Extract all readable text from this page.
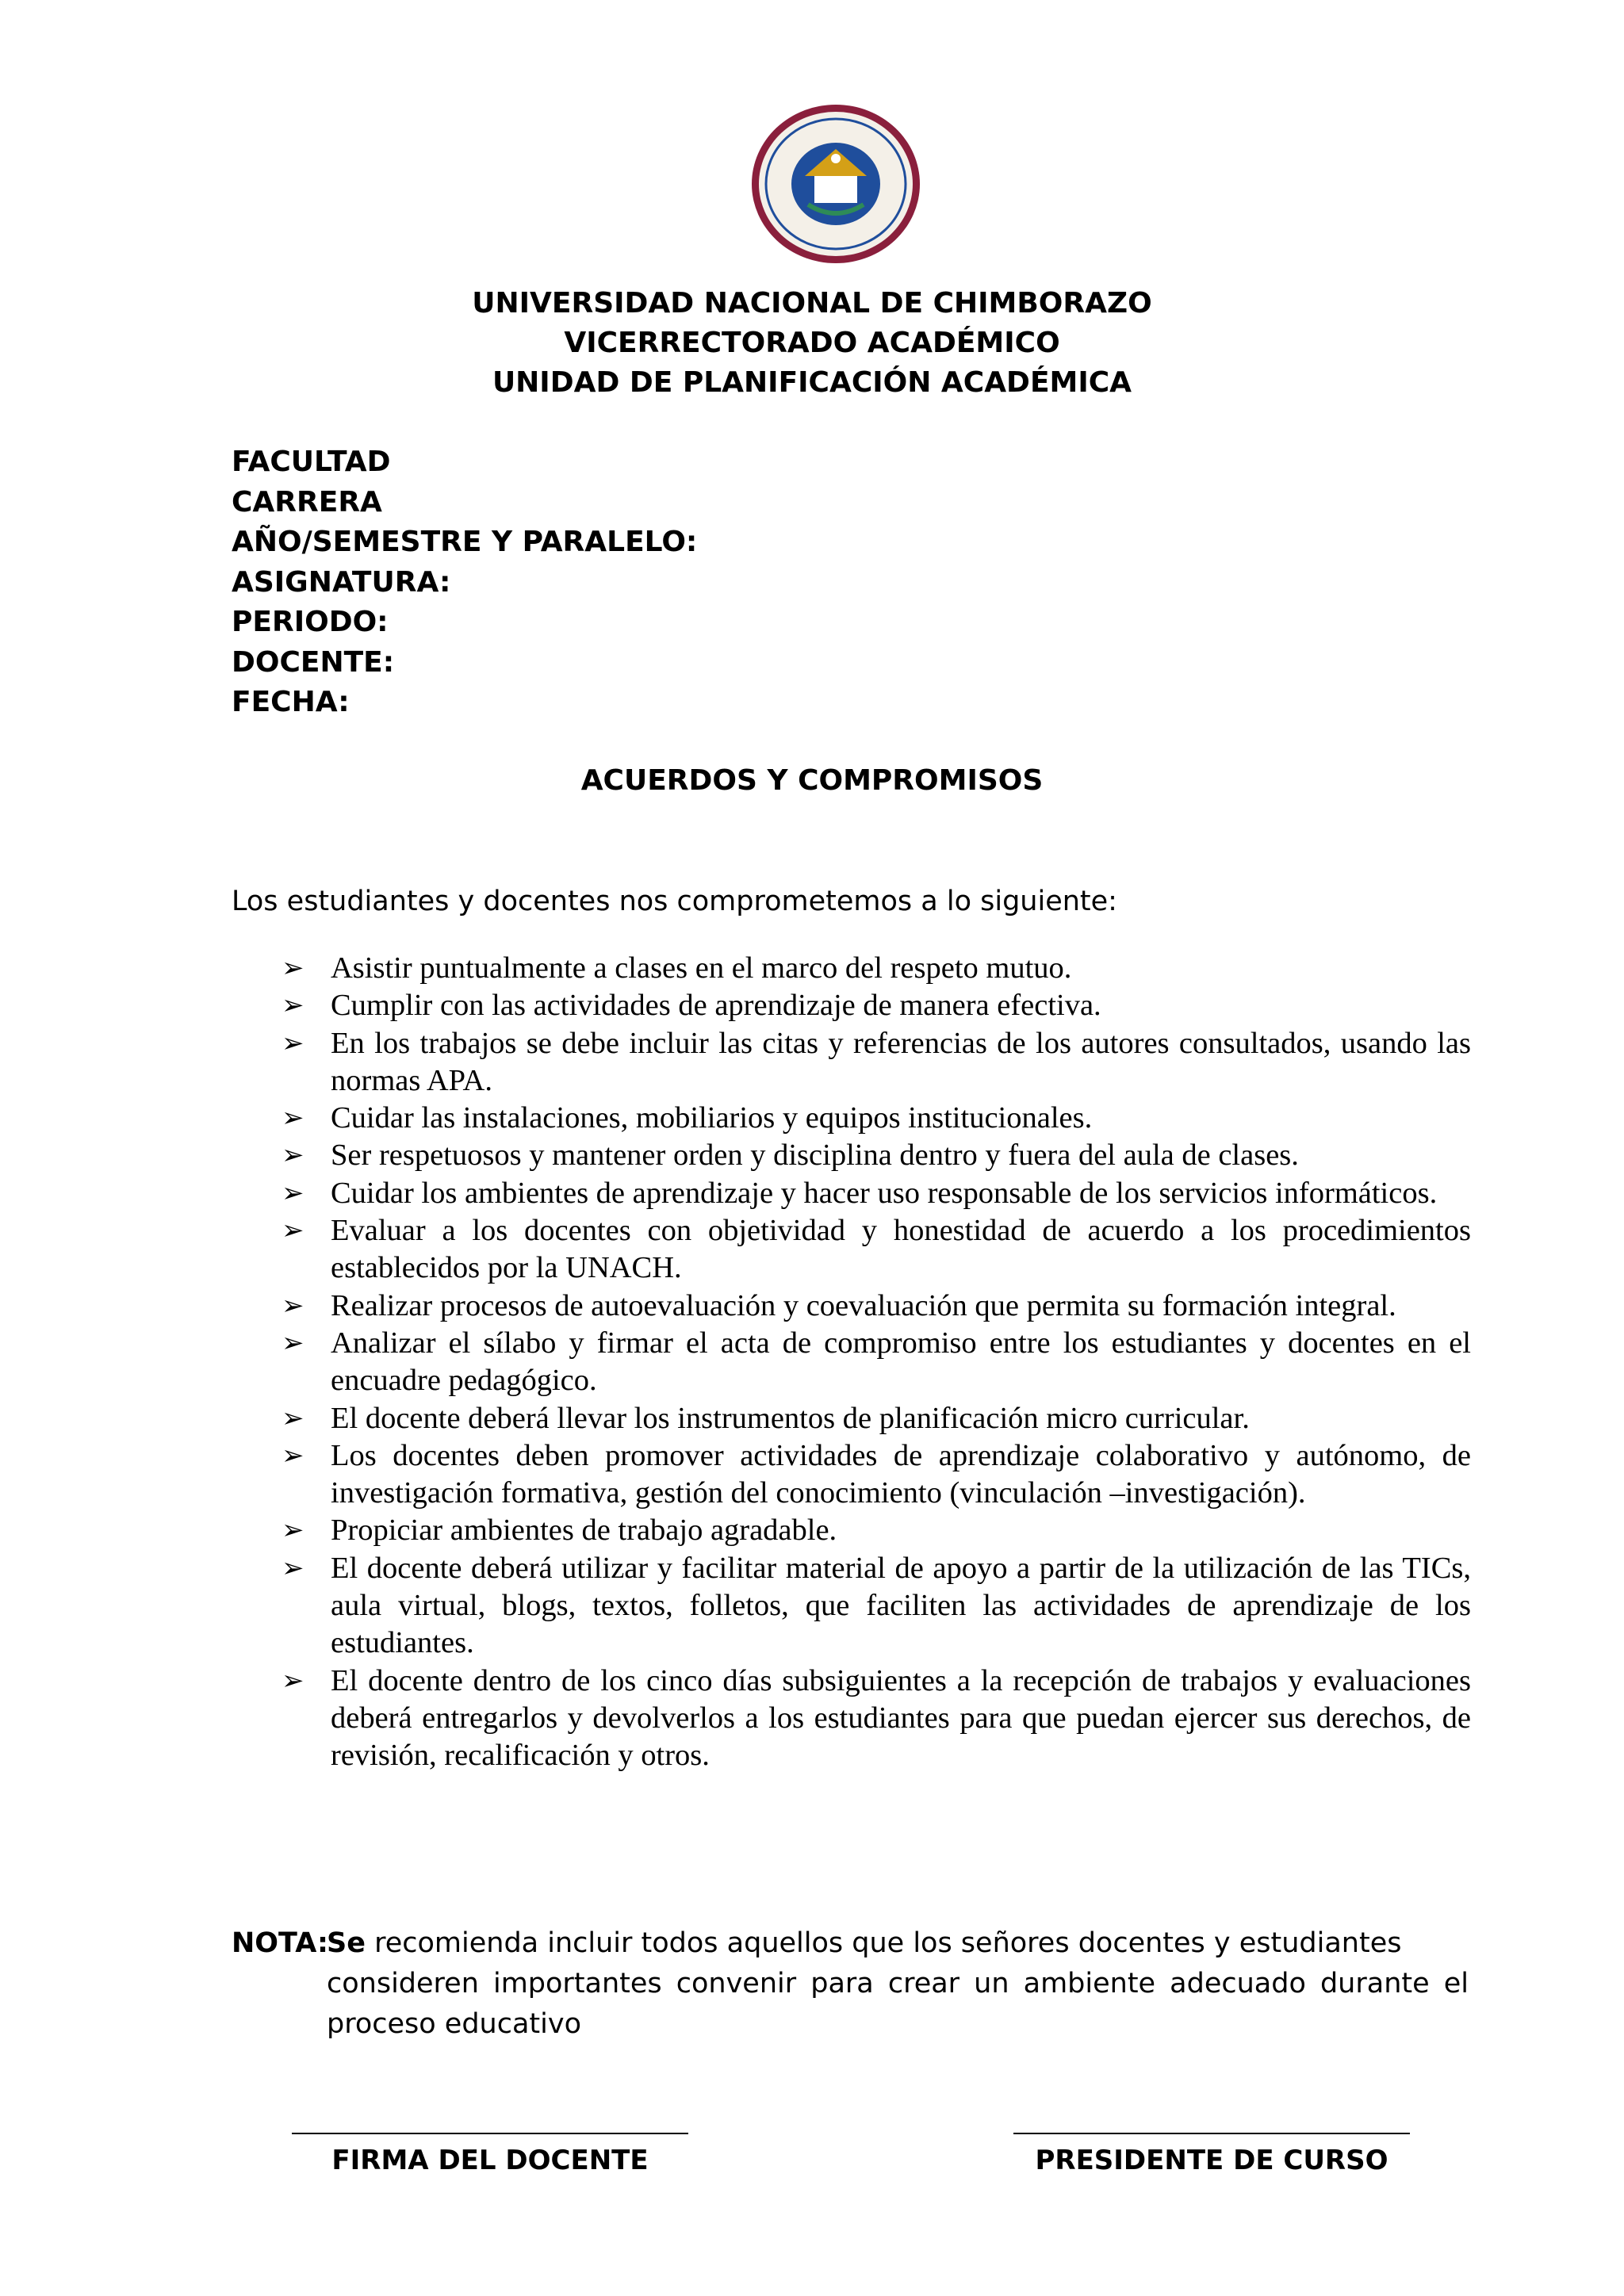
UNIVERSIDAD NACIONAL DE CHIMBORAZO
VICERRECTORADO ACADÉMICO
UNIDAD DE PLANIFICACIÓN ACADÉMICA
FACULTAD
CARRERA
AÑO/SEMESTRE Y PARALELO:
ASIGNATURA:
PERIODO:
DOCENTE:
FECHA:
ACUERDOS Y COMPROMISOS
Los estudiantes y docentes nos comprometemos a lo siguiente:
➢ Asistir puntualmente a clases en el marco del respeto mutuo.
➢ Cumplir con las actividades de aprendizaje de manera efectiva.
➢ En los trabajos se debe incluir las citas y referencias de los autores consultados, usando las normas APA.
➢ Cuidar las instalaciones, mobiliarios y equipos institucionales.
➢ Ser respetuosos y mantener orden y disciplina dentro y fuera del aula de clases.
➢ Cuidar los ambientes de aprendizaje y hacer uso responsable de los servicios informáticos.
➢ Evaluar a los docentes con objetividad y honestidad de acuerdo a los procedimientos establecidos por la UNACH.
➢ Realizar procesos de autoevaluación y coevaluación que permita su formación integral.
➢ Analizar el sílabo y firmar el acta de compromiso entre los estudiantes y docentes en el encuadre pedagógico.
➢ El docente deberá llevar los instrumentos de planificación micro curricular.
➢ Los docentes deben promover actividades de aprendizaje colaborativo y autónomo, de investigación formativa, gestión del conocimiento (vinculación –investigación).
➢ Propiciar ambientes de trabajo agradable.
➢ El docente deberá utilizar y facilitar material de apoyo a partir de la utilización de las TICs, aula virtual, blogs, textos, folletos, que faciliten las actividades de aprendizaje de los estudiantes.
➢ El docente dentro de los cinco días subsiguientes a la recepción de trabajos y evaluaciones deberá entregarlos y devolverlos a los estudiantes para que puedan ejercer sus derechos, de revisión, recalificación y otros.
NOTA:
Se recomienda incluir todos aquellos que los señores docentes y estudiantes
consideren importantes convenir para crear un ambiente adecuado durante el proceso educativo
FIRMA DEL DOCENTE	PRESIDENTE DE CURSO
